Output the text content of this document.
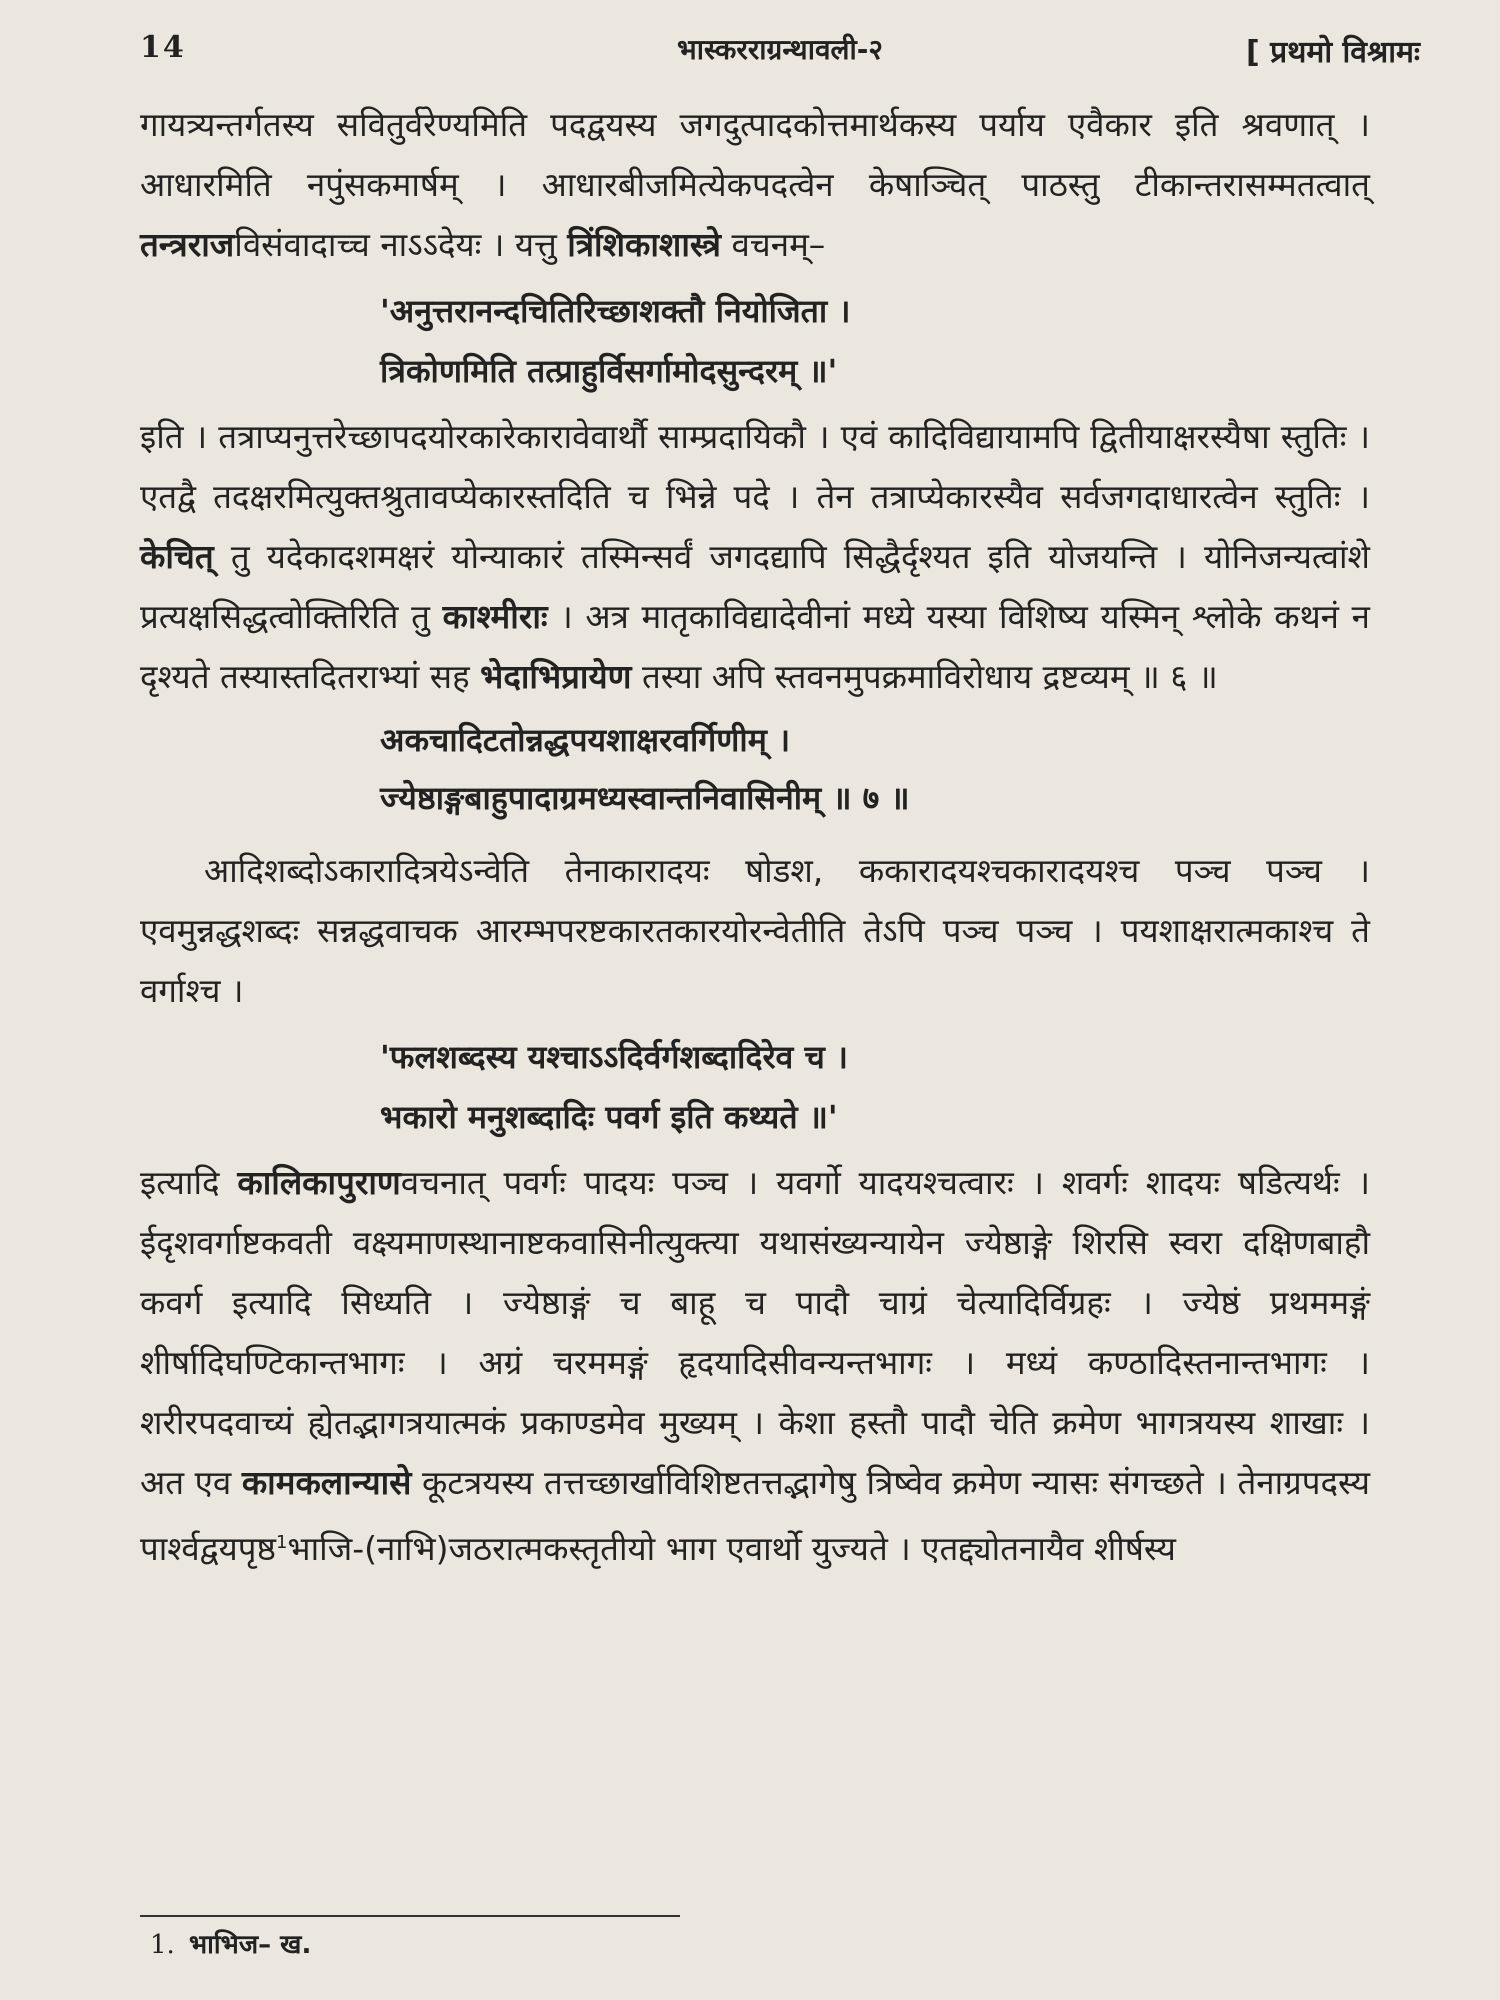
14	भास्करराग्रन्थावली-२	[ प्रथमो विश्रामः

गायत्र्यन्तर्गतस्य सवितुर्वरेण्यमिति पदद्वयस्य जगदुत्पादकोत्तमार्थकस्य पर्याय एवैकार इति श्रवणात् । आधारमिति नपुंसकमार्षम् । आधारबीजमित्येकपदत्वेन केषाञ्चित् पाठस्तु टीकान्तरासम्मतत्वात् तन्त्रराजविसंवादाच्च नाऽऽदेयः । यत्तु त्रिंशिकाशास्त्रे वचनम्–

'अनुत्तरानन्दचितिरिच्छाशक्तौ नियोजिता ।
त्रिकोणमिति तत्प्राहुर्विसर्गामोदसुन्दरम् ॥'

इति । तत्राप्यनुत्तरेच्छापदयोरकारेकारावेवार्थौ साम्प्रदायिकौ । एवं कादिविद्यायामपि द्वितीयाक्षरस्यैषा स्तुतिः । एतद्वै तदक्षरमित्युक्तश्रुतावप्येकारस्तदिति च भिन्ने पदे । तेन तत्राप्येकारस्यैव सर्वजगदाधारत्वेन स्तुतिः । केचित् तु यदेकादशमक्षरं योन्याकारं तस्मिन्सर्वं जगदद्यापि सिद्धैर्दृश्यत इति योजयन्ति । योनिजन्यत्वांशे प्रत्यक्षसिद्धत्वोक्तिरिति तु काश्मीराः । अत्र मातृकाविद्यादेवीनां मध्ये यस्या विशिष्य यस्मिन् श्लोके कथनं न दृश्यते तस्यास्तदितराभ्यां सह भेदाभिप्रायेण तस्या अपि स्तवनमुपक्रमाविरोधाय द्रष्टव्यम् ॥ ६ ॥

अकचादिटतोन्नद्धपयशाक्षरवर्गिणीम् ।
ज्येष्ठाङ्गबाहुपादाग्रमध्यस्वान्तनिवासिनीम् ॥ ७ ॥

आदिशब्दोऽकारादित्रयेऽन्वेति तेनाकारादयः षोडश, ककारादयश्चकारादयश्च पञ्च पञ्च । एवमुन्नद्धशब्दः सन्नद्धवाचक आरम्भपरष्टकारतकारयोरन्वेतीति तेऽपि पञ्च पञ्च । पयशाक्षरात्मकाश्च ते वर्गाश्च ।

'फलशब्दस्य यश्चाऽऽदिर्वर्गशब्दादिरेव च ।
भकारो मनुशब्दादिः पवर्ग इति कथ्यते ॥'

इत्यादि कालिकापुराणवचनात् पवर्गः पादयः पञ्च । यवर्गो यादयश्चत्वारः । शवर्गः शादयः षडित्यर्थः । ईदृशवर्गाष्टकवती वक्ष्यमाणस्थानाष्टकवासिनीत्युक्त्या यथासंख्यन्यायेन ज्येष्ठाङ्गे शिरसि स्वरा दक्षिणबाहौ कवर्ग इत्यादि सिध्यति । ज्येष्ठाङ्गं च बाहू च पादौ चाग्रं चेत्यादिर्विग्रहः । ज्येष्ठं प्रथममङ्गं शीर्षादिघण्टिकान्तभागः । अग्रं चरममङ्गं हृदयादिसीवन्यन्तभागः । मध्यं कण्ठादिस्तनान्तभागः । शरीरपदवाच्यं ह्येतद्भागत्रयात्मकं प्रकाण्डमेव मुख्यम् । केशा हस्तौ पादौ चेति क्रमेण भागत्रयस्य शाखाः । अत एव कामकलान्यासे कूटत्रयस्य तत्तच्छार्खाविशिष्टतत्तद्भागेषु त्रिष्वेव क्रमेण न्यासः संगच्छते । तेनाग्रपदस्य पार्श्वद्वयपृष्ठ$^1$भाजि-(नाभि)जठरात्मकस्तृतीयो भाग एवार्थो युज्यते । एतद्द्योतनायैव शीर्षस्य

1. भाभिज– ख.
